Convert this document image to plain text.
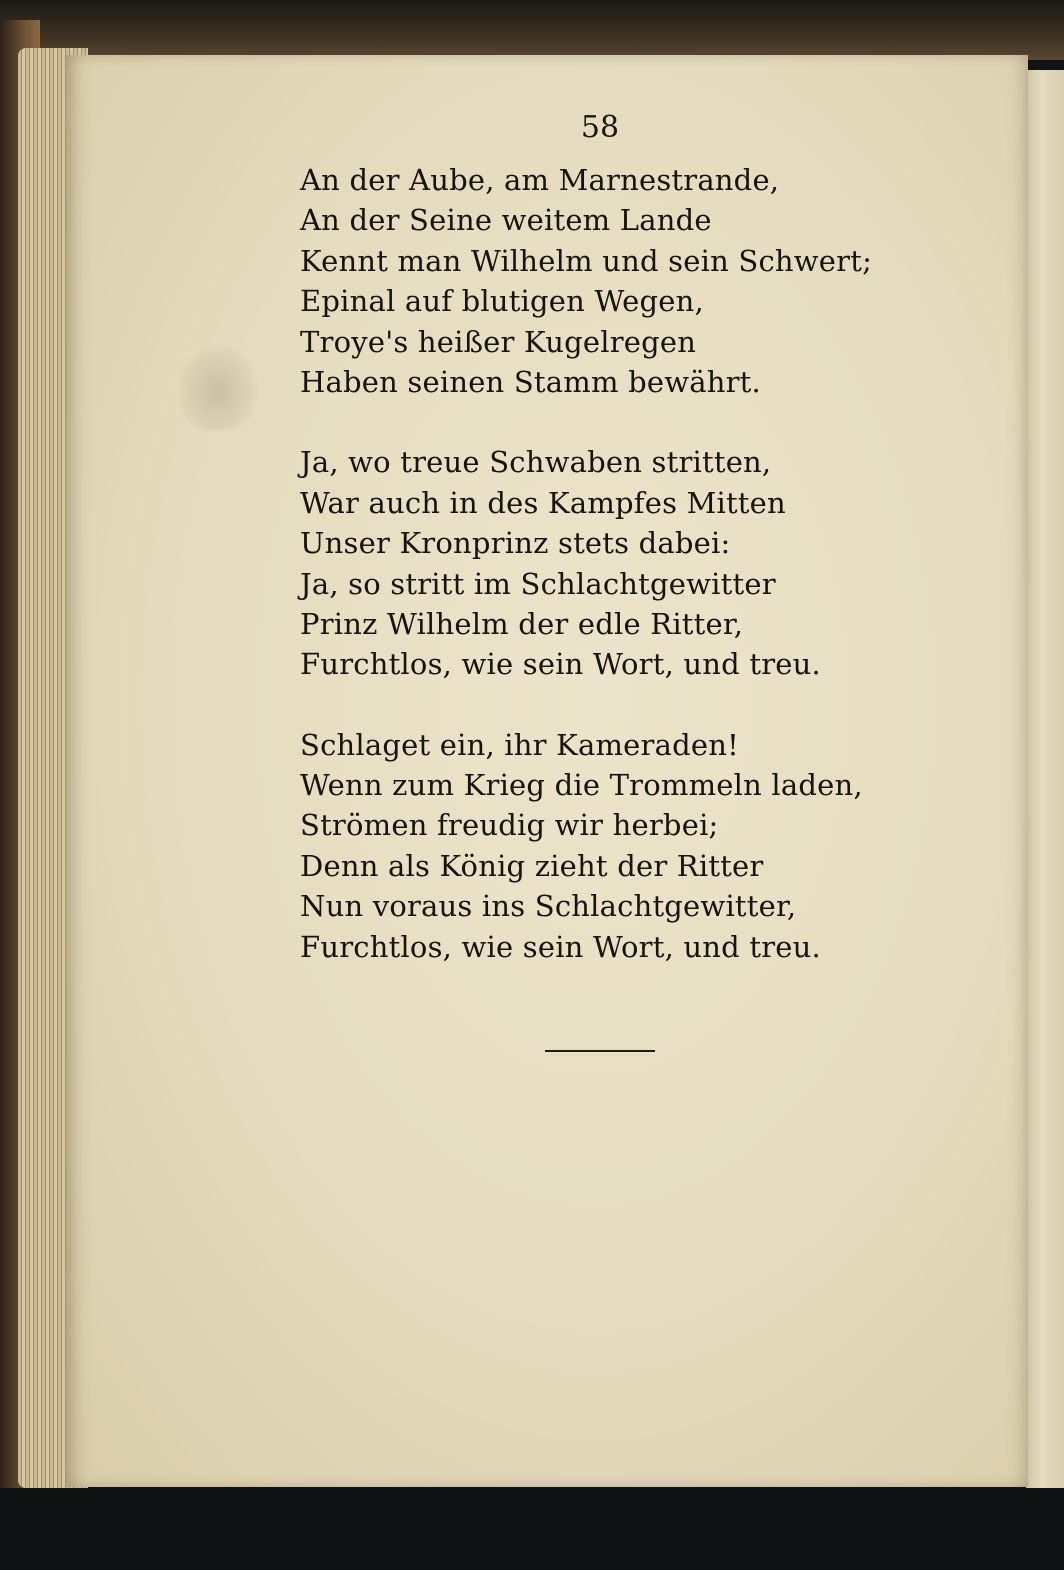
58
An der Aube, am Marnestrande,
An der Seine weitem Lande
Kennt man Wilhelm und sein Schwert;
Epinal auf blutigen Wegen,
Troye's heißer Kugelregen
Haben seinen Stamm bewährt.
Ja, wo treue Schwaben stritten,
War auch in des Kampfes Mitten
Unser Kronprinz stets dabei:
Ja, so stritt im Schlachtgewitter
Prinz Wilhelm der edle Ritter,
Furchtlos, wie sein Wort, und treu.
Schlaget ein, ihr Kameraden!
Wenn zum Krieg die Trommeln laden,
Strömen freudig wir herbei;
Denn als König zieht der Ritter
Nun voraus ins Schlachtgewitter,
Furchtlos, wie sein Wort, und treu.
